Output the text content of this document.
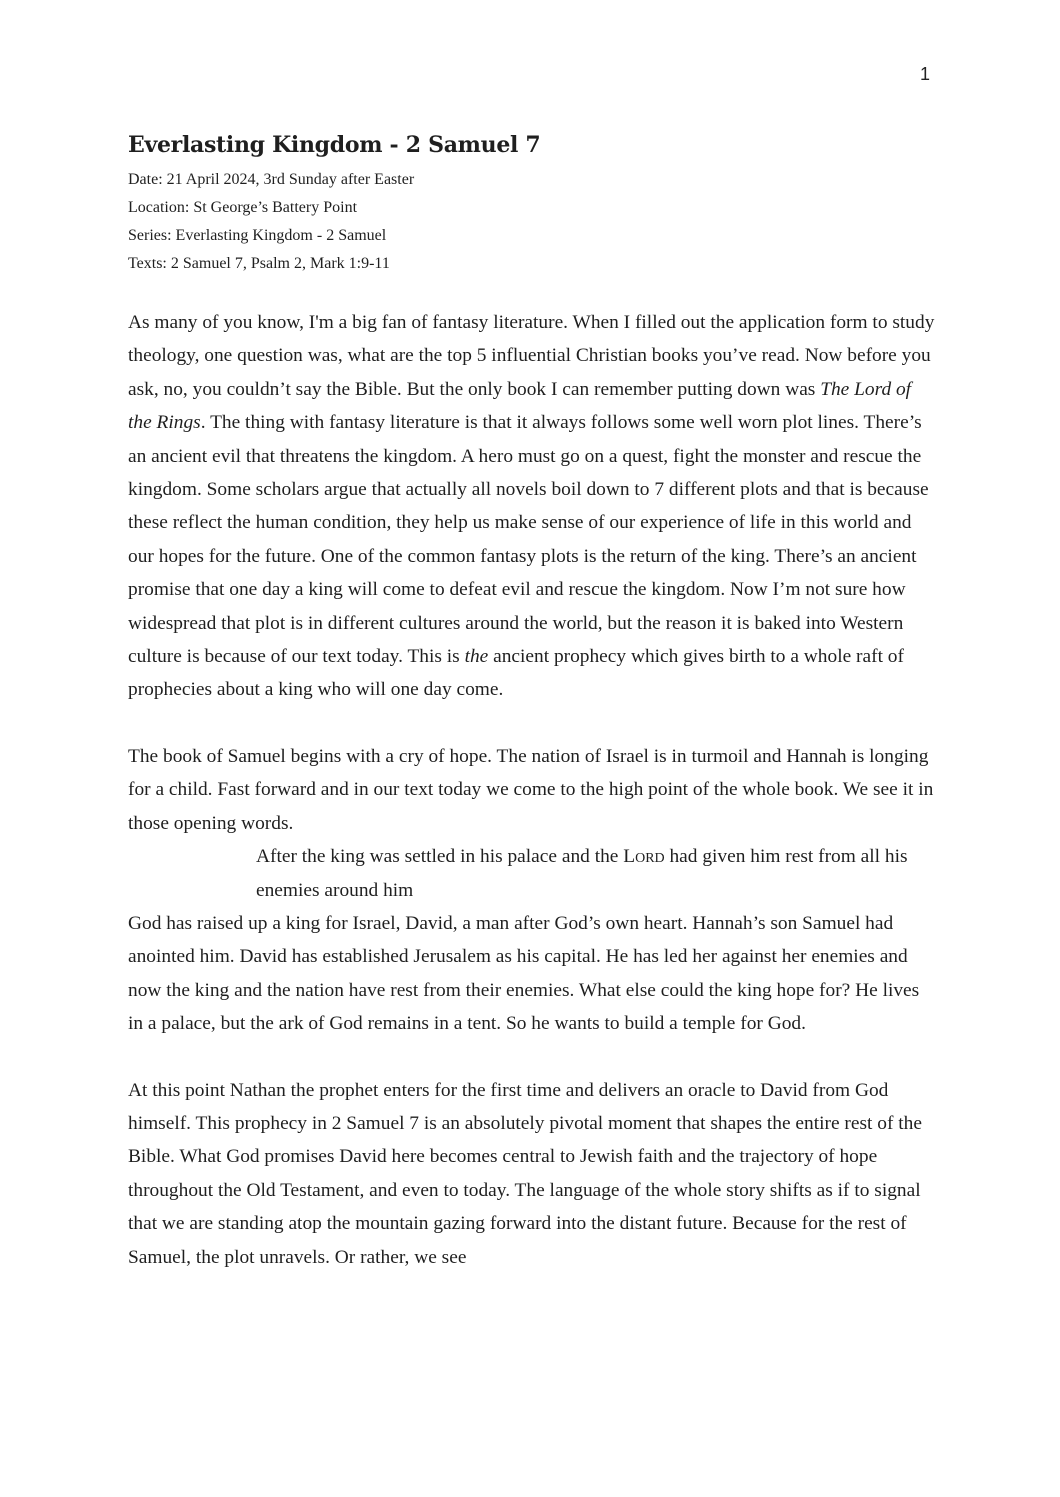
1
Everlasting Kingdom - 2 Samuel 7

Date: 21 April 2024, 3rd Sunday after Easter

Location: St George’s Battery Point

Series: Everlasting Kingdom - 2 Samuel

Texts: 2 Samuel 7, Psalm 2, Mark 1:9-11

As many of you know, I'm a big fan of fantasy literature. When I filled out the application form to study theology, one question was, what are the top 5 influential Christian books you’ve read. Now before you ask, no, you couldn’t say the Bible. But the only book I can remember putting down was The Lord of the Rings. The thing with fantasy literature is that it always follows some well worn plot lines. There’s an ancient evil that threatens the kingdom. A hero must go on a quest, fight the monster and rescue the kingdom. Some scholars argue that actually all novels boil down to 7 different plots and that is because these reflect the human condition, they help us make sense of our experience of life in this world and our hopes for the future. One of the common fantasy plots is the return of the king. There’s an ancient promise that one day a king will come to defeat evil and rescue the kingdom. Now I’m not sure how widespread that plot is in different cultures around the world, but the reason it is baked into Western culture is because of our text today. This is the ancient prophecy which gives birth to a whole raft of prophecies about a king who will one day come.

The book of Samuel begins with a cry of hope. The nation of Israel is in turmoil and Hannah is longing for a child. Fast forward and in our text today we come to the high point of the whole book. We see it in those opening words.

After the king was settled in his palace and the Lord had given him rest from all his enemies around him

God has raised up a king for Israel, David, a man after God’s own heart. Hannah’s son Samuel had anointed him. David has established Jerusalem as his capital. He has led her against her enemies and now the king and the nation have rest from their enemies. What else could the king hope for? He lives in a palace, but the ark of God remains in a tent. So he wants to build a temple for God.

At this point Nathan the prophet enters for the first time and delivers an oracle to David from God himself. This prophecy in 2 Samuel 7 is an absolutely pivotal moment that shapes the entire rest of the Bible. What God promises David here becomes central to Jewish faith and the trajectory of hope throughout the Old Testament, and even to today. The language of the whole story shifts as if to signal that we are standing atop the mountain gazing forward into the distant future. Because for the rest of Samuel, the plot unravels. Or rather, we see
